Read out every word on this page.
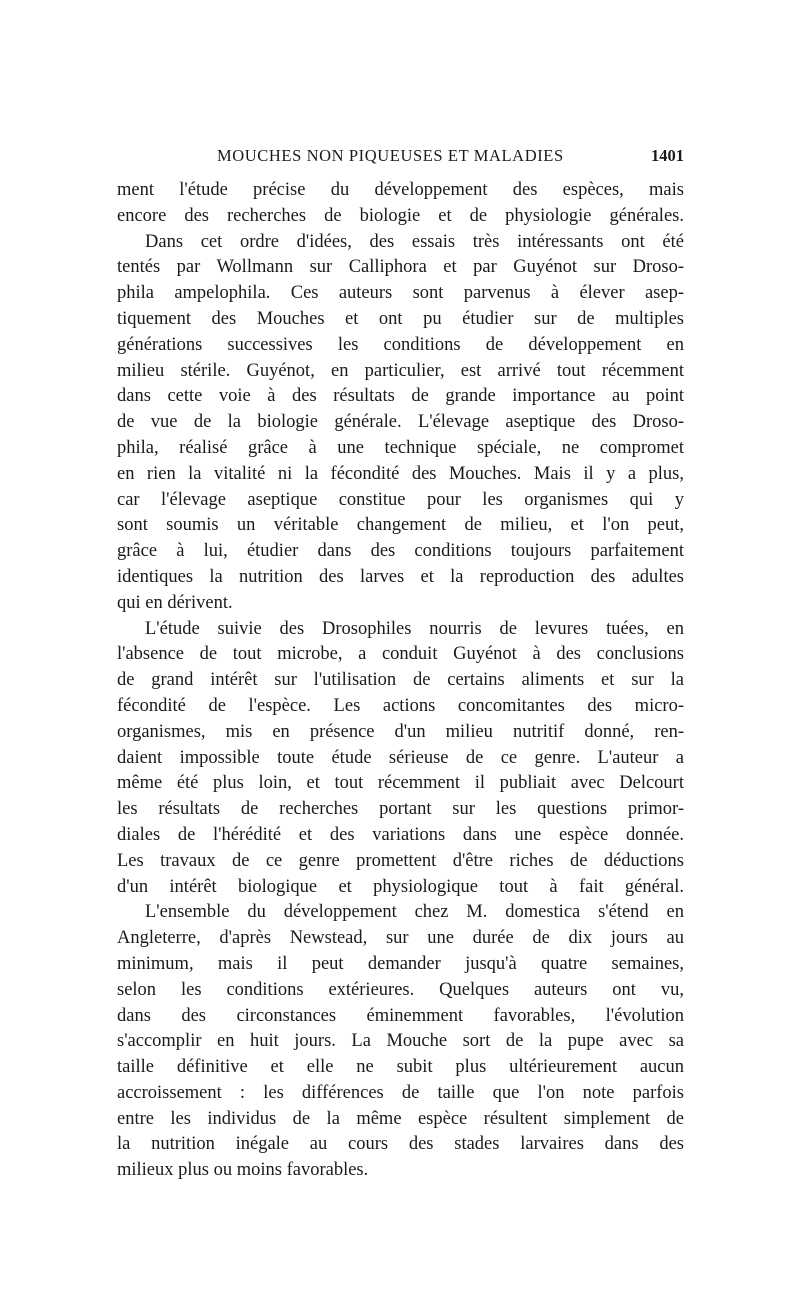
MOUCHES NON PIQUEUSES ET MALADIES	1401
ment l'étude précise du développement des espèces, mais
encore des recherches de biologie et de physiologie générales.
Dans cet ordre d'idées, des essais très intéressants ont été
tentés par Wollmann sur Calliphora et par Guyénot sur Droso-
phila ampelophila. Ces auteurs sont parvenus à élever asep-
tiquement des Mouches et ont pu étudier sur de multiples
générations successives les conditions de développement en
milieu stérile. Guyénot, en particulier, est arrivé tout récemment
dans cette voie à des résultats de grande importance au point
de vue de la biologie générale. L'élevage aseptique des Droso-
phila, réalisé grâce à une technique spéciale, ne compromet
en rien la vitalité ni la fécondité des Mouches. Mais il y a plus,
car l'élevage aseptique constitue pour les organismes qui y
sont soumis un véritable changement de milieu, et l'on peut,
grâce à lui, étudier dans des conditions toujours parfaitement
identiques la nutrition des larves et la reproduction des adultes
qui en dérivent.
L'étude suivie des Drosophiles nourris de levures tuées, en
l'absence de tout microbe, a conduit Guyénot à des conclusions
de grand intérêt sur l'utilisation de certains aliments et sur la
fécondité de l'espèce. Les actions concomitantes des micro-
organismes, mis en présence d'un milieu nutritif donné, ren-
daient impossible toute étude sérieuse de ce genre. L'auteur a
même été plus loin, et tout récemment il publiait avec Delcourt
les résultats de recherches portant sur les questions primor-
diales de l'hérédité et des variations dans une espèce donnée.
Les travaux de ce genre promettent d'être riches de déductions
d'un intérêt biologique et physiologique tout à fait général.
L'ensemble du développement chez M. domestica s'étend en
Angleterre, d'après Newstead, sur une durée de dix jours au
minimum, mais il peut demander jusqu'à quatre semaines,
selon les conditions extérieures. Quelques auteurs ont vu,
dans des circonstances éminemment favorables, l'évolution
s'accomplir en huit jours. La Mouche sort de la pupe avec sa
taille définitive et elle ne subit plus ultérieurement aucun
accroissement : les différences de taille que l'on note parfois
entre les individus de la même espèce résultent simplement de
la nutrition inégale au cours des stades larvaires dans des
milieux plus ou moins favorables.
